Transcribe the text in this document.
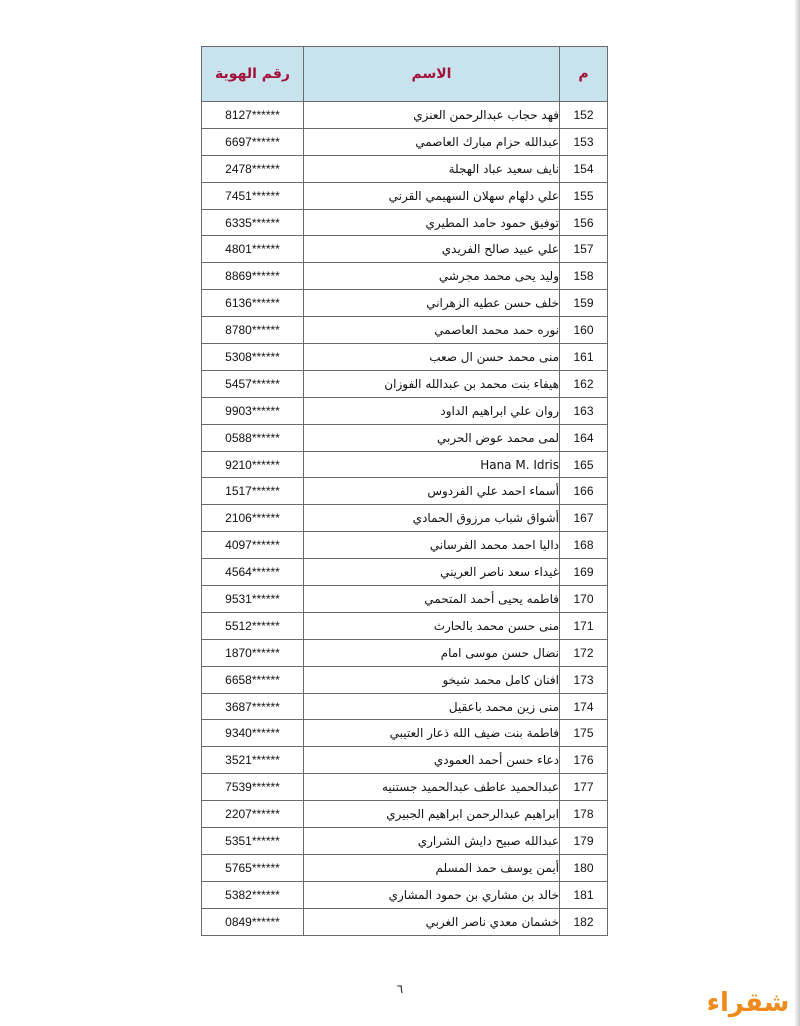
م	الاسم	رقم الهوية
152	فهد حجاب عبدالرحمن العنزي	8127******
153	عبدالله حزام مبارك العاصمي	6697******
154	نايف سعيد عباد الهجلة	2478******
155	علي دلهام سهلان السهيمي القرني	7451******
156	توفيق حمود حامد المطيري	6335******
157	علي عبيد صالح الفريدي	4801******
158	وليد يحى محمد مجرشي	8869******
159	خلف حسن عطيه الزهراني	6136******
160	نوره حمد محمد العاصمي	8780******
161	منى محمد حسن ال صعب	5308******
162	هيفاء بنت محمد بن عبدالله الفوزان	5457******
163	روان علي ابراهيم الداود	9903******
164	لمى محمد عوض الحربي	0588******
165	Hana M. Idris	9210******
166	أسماء احمد علي الفردوس	1517******
167	أشواق شباب مرزوق الحمادي	2106******
168	داليا احمد محمد الفرساني	4097******
169	غيداء سعد ناصر العريني	4564******
170	فاطمه يحيى أحمد المتحمي	9531******
171	منى حسن محمد بالحارث	5512******
172	نضال حسن موسى امام	1870******
173	افنان كامل محمد شيخو	6658******
174	منى زين محمد باعقيل	3687******
175	فاطمة بنت ضيف الله ذعار العتيبي	9340******
176	دعاء حسن أحمد العمودي	3521******
177	عبدالحميد عاطف عبدالحميد جستنيه	7539******
178	ابراهيم عبدالرحمن ابراهيم الجبيري	2207******
179	عبدالله صبيح دايش الشراري	5351******
180	أيمن يوسف حمد المسلم	5765******
181	خالد بن مشاري بن حمود المشاري	5382******
182	خشمان معدي ناصر الغربي	0849******
٦	شقراء
